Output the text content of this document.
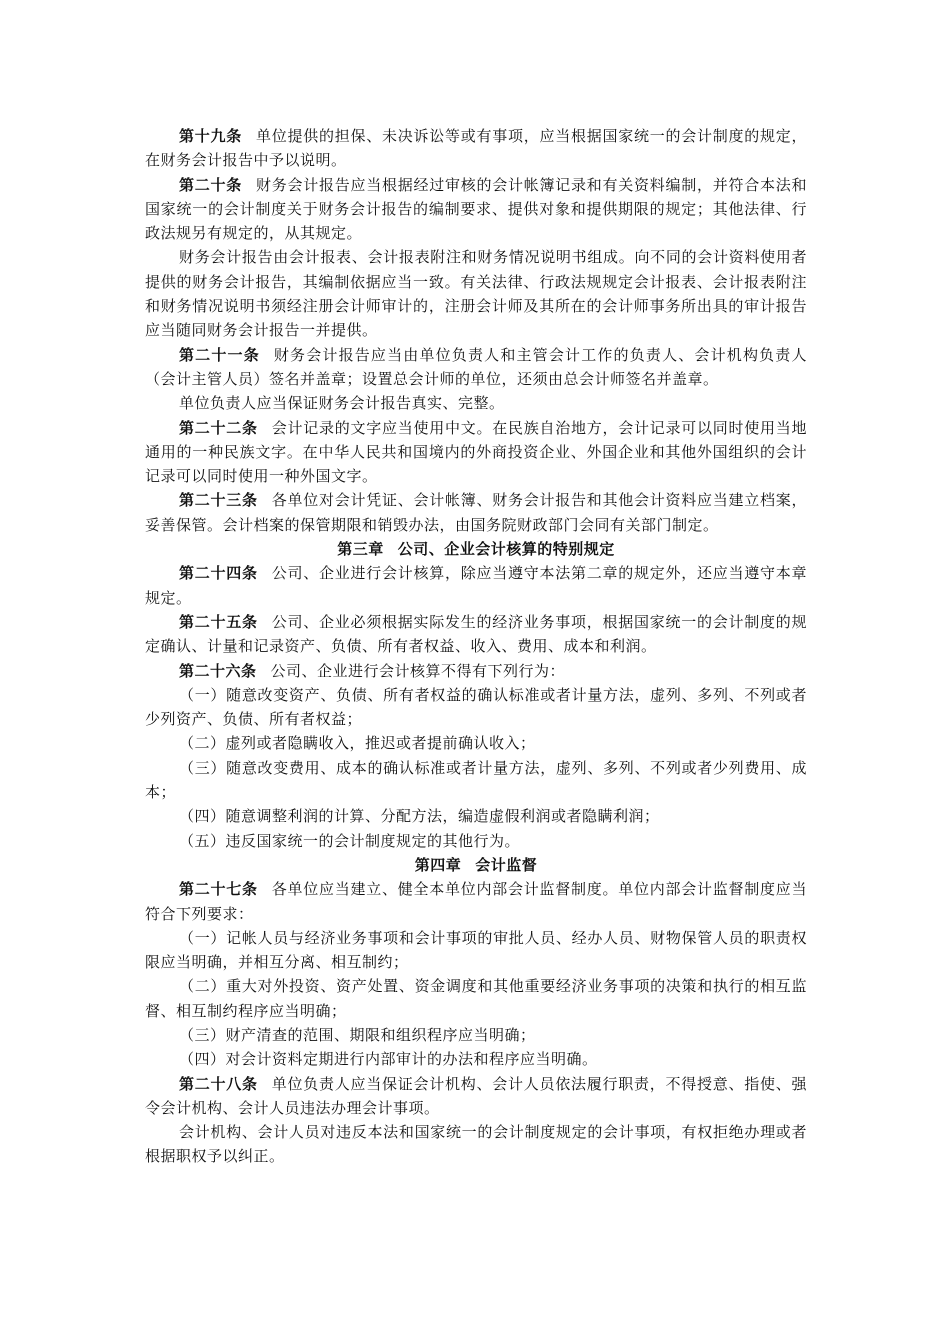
第十九条 单位提供的担保、未决诉讼等或有事项，应当根据国家统一的会计制度的规定，在财务会计报告中予以说明。

第二十条 财务会计报告应当根据经过审核的会计帐簿记录和有关资料编制，并符合本法和国家统一的会计制度关于财务会计报告的编制要求、提供对象和提供期限的规定；其他法律、行政法规另有规定的，从其规定。

财务会计报告由会计报表、会计报表附注和财务情况说明书组成。向不同的会计资料使用者提供的财务会计报告，其编制依据应当一致。有关法律、行政法规规定会计报表、会计报表附注和财务情况说明书须经注册会计师审计的，注册会计师及其所在的会计师事务所出具的审计报告应当随同财务会计报告一并提供。

第二十一条 财务会计报告应当由单位负责人和主管会计工作的负责人、会计机构负责人（会计主管人员）签名并盖章；设置总会计师的单位，还须由总会计师签名并盖章。

单位负责人应当保证财务会计报告真实、完整。

第二十二条 会计记录的文字应当使用中文。在民族自治地方，会计记录可以同时使用当地通用的一种民族文字。在中华人民共和国境内的外商投资企业、外国企业和其他外国组织的会计记录可以同时使用一种外国文字。

第二十三条 各单位对会计凭证、会计帐簿、财务会计报告和其他会计资料应当建立档案，妥善保管。会计档案的保管期限和销毁办法，由国务院财政部门会同有关部门制定。

第三章 公司、企业会计核算的特别规定

第二十四条 公司、企业进行会计核算，除应当遵守本法第二章的规定外，还应当遵守本章规定。

第二十五条 公司、企业必须根据实际发生的经济业务事项，根据国家统一的会计制度的规定确认、计量和记录资产、负债、所有者权益、收入、费用、成本和利润。

第二十六条 公司、企业进行会计核算不得有下列行为：

（一）随意改变资产、负债、所有者权益的确认标准或者计量方法，虚列、多列、不列或者少列资产、负债、所有者权益；

（二）虚列或者隐瞒收入，推迟或者提前确认收入；

（三）随意改变费用、成本的确认标准或者计量方法，虚列、多列、不列或者少列费用、成本；

（四）随意调整利润的计算、分配方法，编造虚假利润或者隐瞒利润；

（五）违反国家统一的会计制度规定的其他行为。

第四章 会计监督

第二十七条 各单位应当建立、健全本单位内部会计监督制度。单位内部会计监督制度应当符合下列要求：

（一）记帐人员与经济业务事项和会计事项的审批人员、经办人员、财物保管人员的职责权限应当明确，并相互分离、相互制约；

（二）重大对外投资、资产处置、资金调度和其他重要经济业务事项的决策和执行的相互监督、相互制约程序应当明确；

（三）财产清查的范围、期限和组织程序应当明确；

（四）对会计资料定期进行内部审计的办法和程序应当明确。

第二十八条 单位负责人应当保证会计机构、会计人员依法履行职责，不得授意、指使、强令会计机构、会计人员违法办理会计事项。

会计机构、会计人员对违反本法和国家统一的会计制度规定的会计事项，有权拒绝办理或者根据职权予以纠正。
